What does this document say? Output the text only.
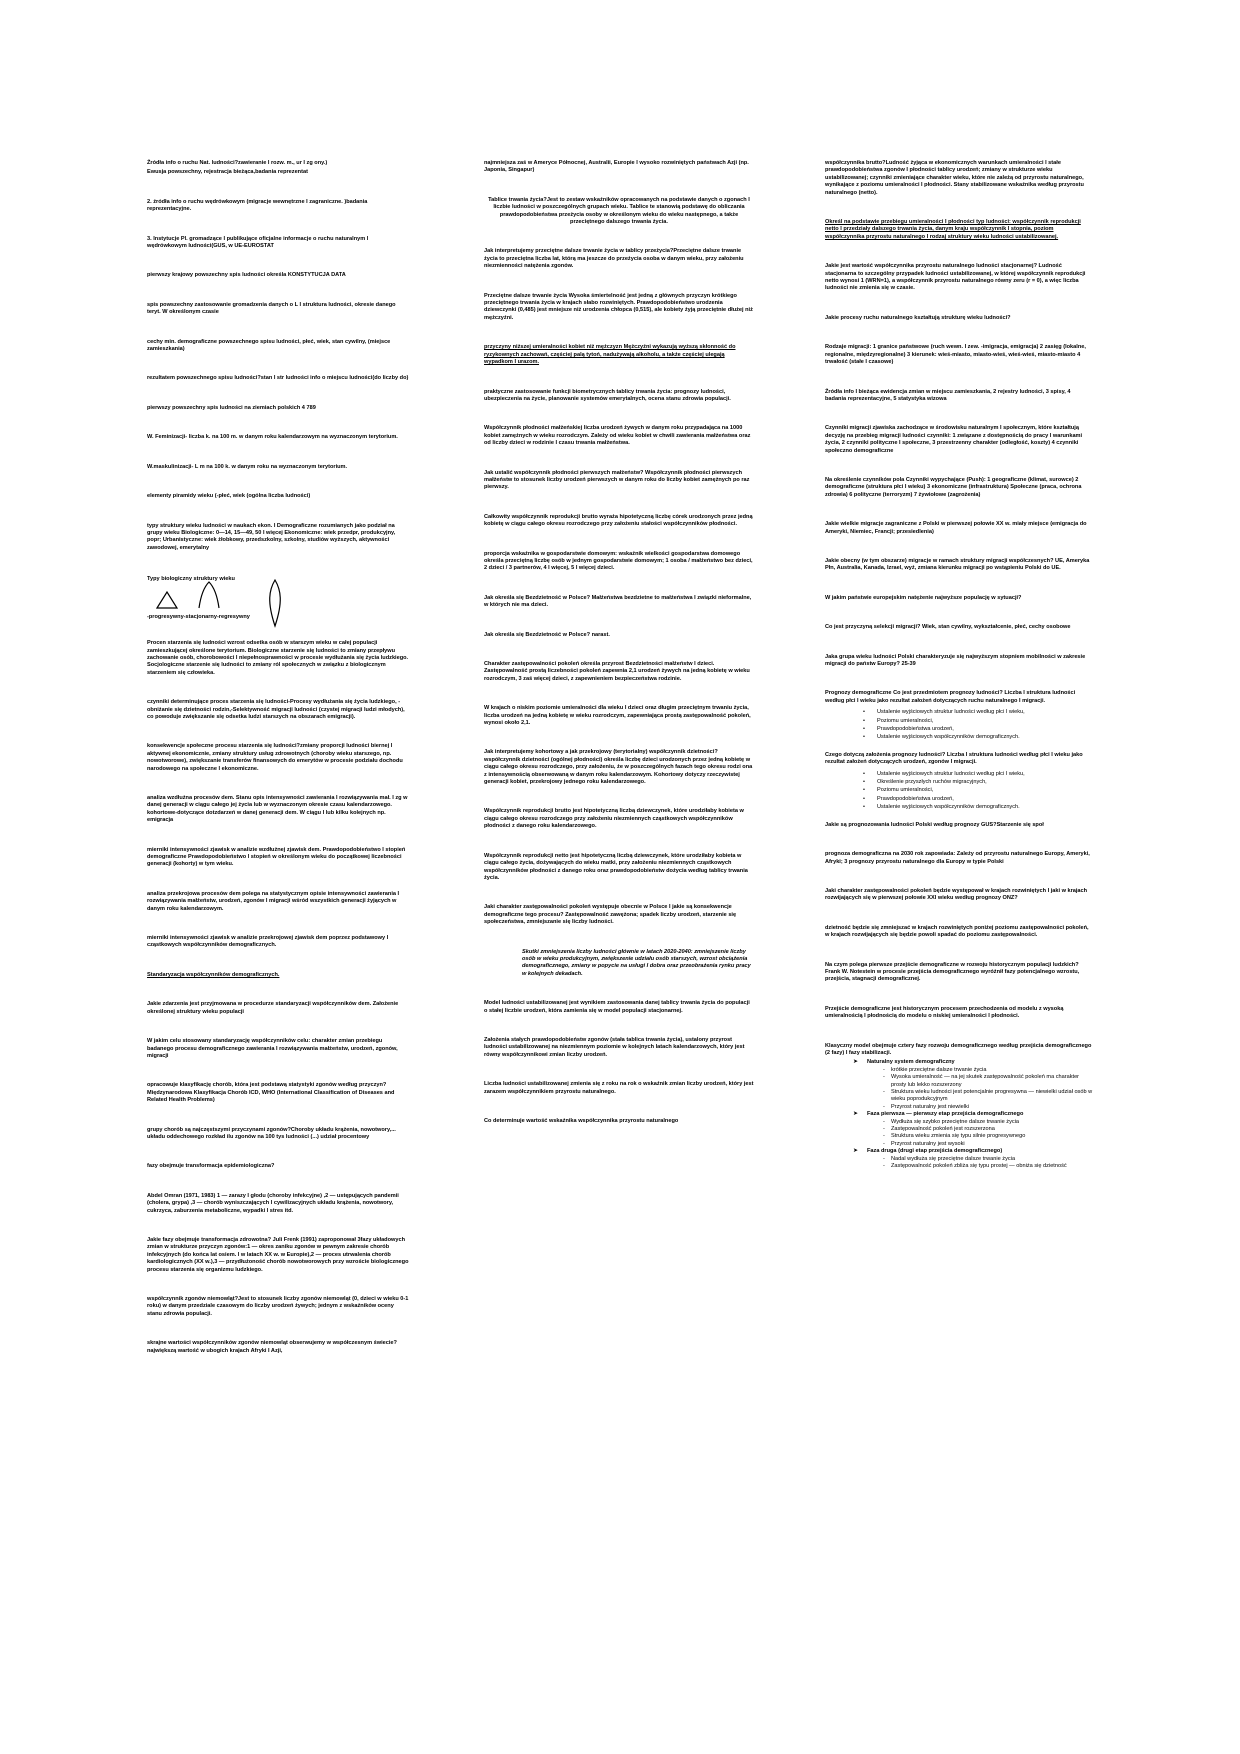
Źródła info o ruchu Nat. ludności?zawieranie I rozw. m., ur I zg ony.)

Ewusja powszechny, rejestracja bieżąca,badania reprezentat

2. źródła info o ruchu wędrówkowym (migracje wewnętrzne I zagraniczne. )badania reprezentacyjne.

3. Instytucje Pl. gromadzące I publikujące oficjalne informacje o ruchu naturalnym I wędrówkowym ludności(GUS, w UE-EUROSTAT

pierwszy krajowy powszechny spis ludności określa KONSTYTUCJA DATA

spis powszechny zastosowanie gromadzenia danych o L I struktura ludności, okresie danego teryt. W określonym czasie

cechy min. demograficzne powszechnego spisu ludności, płeć, wiek, stan cywilny, (miejsce zamieszkania)

rezultatem powszechnego spisu ludności?stan I str ludności info o miejscu ludności(do liczby do)

pierwszy powszechny spis ludności na ziemiach polskich 4 789

W. Feminizacji- liczba k. na 100 m. w danym roku kalendarzowym na wyznaczonym terytorium.

W.maskulinizacji- L m na 100 k. w danym roku na wyznaczonym terytorium.

elementy piramidy wieku (-płeć, wiek (ogólna liczba ludności)

typy struktury wieku ludności w naukach ekon. I Demograficzne rozumianych jako podział na grupy wieku Biologiczne: 0—14, 15—49, 50 I więcej Ekonomiczne: wiek przedpr, produkcyjny, popr; Urbanistyczne: wiek żłobkowy, przedszkolny, szkolny, studiów wyższych, aktywności zawodowej, emerytalny

Typy biologiczny struktury wieku
-progresywny-stacjonarny-regresywny

Procen starzenia się ludności wzrost odsetka osób w starszym wieku w całej populacji zamieszkującej określone terytorium. Biologiczne starzenie się ludności to zmiany przepływu zachowanie osób, chorobowości I niepełnosprawności w procesie wydłużania się życia ludzkiego. Socjologiczne starzenie się ludności to zmiany ról społecznych w związku z biologicznym starzeniem się człowieka.

czynniki determinujące proces starzenia się ludności-Procesy wydłużania się życia ludzkiego, - obniżanie się dzietności rodzin,-Selektywność migracji ludności (czystej migracji ludzi młodych), co powoduje zwiększanie się odsetka ludzi starszych na obszarach emigracji).

konsekwencje społeczne procesu starzenia się ludności?zmiany proporcji ludności biernej I aktywnej ekonomicznie, zmiany struktury usług zdrowotnych (choroby wieku starszego, np. nowotworowe), zwiększanie transferów finansowych do emerytów w procesie podziału dochodu narodowego na społeczne I ekonomiczne.

analiza wzdłużna procesów dem. Stanu opis intensywności zawierania I rozwiązywania mał. I zg w danej generacji w ciągu całego jej życia lub w wyznaczonym okresie czasu kalendarzowego. kohortowe-dotyczące dotzdarzeń w danej generacji dem. W ciągu I lub kilku kolejnych np. emigracja

mierniki intensywności zjawisk w analizie wzdłużnej zjawisk dem. Prawdopodobieństwo I stopień demograficzne Prawdopodobieństwo I stopień w określonym wieku do początkowej liczebności generacji (kohorty) w tym wieku.

analiza przekrojowa procesów dem polega na statystycznym opisie intensywności zawierania I rozwiązywania małżeństw, urodzeń, zgonów I migracji wśród wszystkich generacji żyjących w danym roku kalendarzowym.

mierniki intensywności zjawisk w analizie przekrojowej zjawisk dem poprzez podstawowy I cząstkowych współczynników demograficznych.

Standaryzacja współczynników demograficznych.

Jakie zdarzenia jest przyjmowana w procedurze standaryzacji współczynników dem. Założenie określonej struktury wieku populacji

W jakim celu stosowany standaryzację współczynników celu: charakter zmian przebiegu badanego procesu demograficznego zawierania I rozwiązywania małżeństw, urodzeń, zgonów, migracji

opracowuje klasyfikację chorób, która jest podstawą statystyki zgonów według przyczyn?Międzynarodowa Klasyfikacja Chorób ICD, WHO (International Classification of Diseases and Related Health Problems)

grupy chorób są najczęstszymi przyczynami zgonów?Choroby układu krążenia, nowotwory,... układu oddechowego rozkład ilu zgonów na 100 tys ludności (...) udział procentowy

fazy obejmuje transformacja epidemiologiczna?

Abdel Omran (1971, 1983) 1 — zarazy I głodu (choroby infekcyjne) ,2 — ustępujących pandemii (cholera, grypa) ,3 — chorób wyniszczających I cywilizacyjnych układu krążenia, nowotwory, cukrzyca, zaburzenia metaboliczne, wypadki I stres itd.

Jakie fazy obejmuje transformacja zdrowotna? Juli Frenk (1991) zaproponował 3fazy układowych zmian w strukturze przyczyn zgonów:1 — okres zaniku zgonów w pewnym zakresie chorób infekcyjnych (do końca lat osiem. I w latach XX w. w Europie),2 — proces utrwalenia chorób kardiologicznych (XX w.),3 — przydłużoność chorób nowotworowych przy wzroście biologicznego procesu starzenia się organizmu ludzkiego.

współczynnik zgonów niemowląt?Jest to stosunek liczby zgonów niemowląt (0, dzieci w wieku 0-1 roku) w danym przedziale czasowym do liczby urodzeń żywych; jednym z wskaźników oceny stanu zdrowia populacji.

skrajne wartości współczynników zgonów niemowląt obserwujemy w współczesnym świecie?największą wartość w ubogich krajach Afryki I Azji,

najmniejsza zaś w Ameryce Północnej, Australii, Europie I wysoko rozwiniętych państwach Azji (np. Japonia, Singapur)

Tablice trwania życia?Jest to zestaw wskaźników opracowanych na podstawie danych o zgonach I liczbie ludności w poszczególnych grupach wieku. Tablice te stanowią podstawę do obliczania prawdopodobieństwa przeżycia osoby w określonym wieku do wieku następnego, a także przeciętnego dalszego trwania życia.

Jak interpretujemy przeciętne dalsze trwanie życia w tablicy przeżycia?Przeciętne dalsze trwanie życia to przeciętna liczba lat, którą ma jeszcze do przeżycia osoba w danym wieku, przy założeniu niezmienności natężenia zgonów.

Przeciętne dalsze trwanie życia Wysoka śmiertelność jest jedną z głównych przyczyn krótkiego przeciętnego trwania życia w krajach słabo rozwiniętych. Prawdopodobieństwo urodzenia dziewczynki (0,485) jest mniejsze niż urodzenia chłopca (0,515), ale kobiety żyją przeciętnie dłużej niż mężczyźni.

przyczyny niższej umieralności kobiet niż mężczyzn Mężczyźni wykazują wyższą skłonność do ryzykownych zachowań, częściej palą tytoń, nadużywają alkoholu, a także częściej ulegają wypadkom I urazom.

praktyczne zastosowanie funkcji biometrycznych tablicy trwania życia: prognozy ludności, ubezpieczenia na życie, planowanie systemów emerytalnych, ocena stanu zdrowia populacji.

Współczynnik płodności małżeńskiej liczba urodzeń żywych w danym roku przypadająca na 1000 kobiet zamężnych w wieku rozrodczym. Zależy od wieku kobiet w chwili zawierania małżeństwa oraz od liczby dzieci w rodzinie I czasu trwania małżeństwa.

Jak ustalić współczynnik płodności pierwszych małżeństw? Współczynnik płodności pierwszych małżeństw to stosunek liczby urodzeń pierwszych w danym roku do liczby kobiet zamężnych po raz pierwszy.

Całkowity współczynnik reprodukcji brutto wyraża hipotetyczną liczbę córek urodzonych przez jedną kobietę w ciągu całego okresu rozrodczego przy założeniu stałości współczynników płodności.

proporcja wskaźnika w gospodarstwie domowym: wskaźnik wielkości gospodarstwa domowego określa przeciętną liczbę osób w jednym gospodarstwie domowym; 1 osoba / małżeństwo bez dzieci, 2 dzieci / 3 partnerów, 4 I więcej, 5 I więcej dzieci.

Jak określa się Bezdzietność w Polsce? Małżeństwa bezdzietne to małżeństwa I związki nieformalne, w których nie ma dzieci.

Jak określa się Bezdzietność w Polsce? narast.

Charakter zastępowalności pokoleń określa przyrost Bezdzietności małżeństw I dzieci. Zastępowalność prostą liczebności pokoleń zapewnia 2,1 urodzeń żywych na jedną kobietę w wieku rozrodczym, 3 zaś więcej dzieci, z zapewnieniem bezpieczeństwa rodzinie.

W krajach o niskim poziomie umieralności dla wieku I dzieci oraz długim przeciętnym trwaniu życia, liczba urodzeń na jedną kobietę w wieku rozrodczym, zapewniająca prostą zastępowalność pokoleń, wynosi około 2,1.

Jak interpretujemy kohortowy a jak przekrojowy (terytorialny) współczynnik dzietności? współczynnik dzietności (ogólnej płodności) określa liczbę dzieci urodzonych przez jedną kobietę w ciągu całego okresu rozrodczego, przy założeniu, że w poszczególnych fazach tego okresu rodzi ona z intensywnością obserwowaną w danym roku kalendarzowym. Kohortowy dotyczy rzeczywistej generacji kobiet, przekrojowy jednego roku kalendarzowego.

Współczynnik reprodukcji brutto jest hipotetyczną liczbą dziewczynek, które urodziłaby kobieta w ciągu całego okresu rozrodczego przy założeniu niezmiennych cząstkowych współczynników płodności z danego roku kalendarzowego.

Współczynnik reprodukcji netto jest hipotetyczną liczbą dziewczynek, które urodziłaby kobieta w ciągu całego życia, dożywających do wieku matki, przy założeniu niezmiennych cząstkowych współczynników płodności z danego roku oraz prawdopodobieństw dożycia według tablicy trwania życia.

Jaki charakter zastępowalności pokoleń występuje obecnie w Polsce I jakie są konsekwencje demograficzne tego procesu? Zastępowalność zawężona; spadek liczby urodzeń, starzenie się społeczeństwa, zmniejszanie się liczby ludności.

Skutki zmniejszenia liczby ludności głównie w latach 2020-2040: zmniejszenie liczby osób w wieku produkcyjnym, zwiększenie udziału osób starszych, wzrost obciążenia demograficznego, zmiany w popycie na usługi I dobra oraz przeobrażenia rynku pracy w kolejnych dekadach.

Model ludności ustabilizowanej jest wynikiem zastosowania danej tablicy trwania życia do populacji o stałej liczbie urodzeń, która zamienia się w model populacji stacjonarnej.

Założenia stałych prawdopodobieństw zgonów (stała tablica trwania życia), ustalony przyrost ludności ustabilizowanej na niezmiennym poziomie w kolejnych latach kalendarzowych, który jest równy współczynnikowi zmian liczby urodzeń.

Liczba ludności ustabilizowanej zmienia się z roku na rok o wskaźnik zmian liczby urodzeń, który jest zarazem współczynnikiem przyrostu naturalnego.

Co determinuje wartość wskaźnika współczynnika przyrostu naturalnego

współczynnika brutto?Ludność żyjąca w ekonomicznych warunkach umieralności I stałe prawdopodobieństwa zgonów I płodności tablicy urodzeń; zmiany w strukturze wieku ustabilizowanej; czynniki zmieniające charakter wieku, które nie zależą od przyrostu naturalnego, wynikające z poziomu umieralności I płodności. Stany stabilizowane wskaźnika według przyrostu naturalnego (netto).

Określ na podstawie przebiegu umieralności I płodności typ ludności: współczynnik reprodukcji netto I przedziały dalszego trwania życia, danym kraju współczynnik I stopnia, poziom współczynnika przyrostu naturalnego I rodzaj struktury wieku ludności ustabilizowanej.

Jakie jest wartość współczynnika przyrostu naturalnego ludności stacjonarnej? Ludność stacjonarna to szczególny przypadek ludności ustabilizowanej, w której współczynnik reprodukcji netto wynosi 1 (WRN=1), a współczynnik przyrostu naturalnego równy zeru (r = 0), a więc liczba ludności nie zmienia się w czasie.

Jakie procesy ruchu naturalnego kształtują strukturę wieku ludności?

Rodzaje migracji: 1 granice państwowe (ruch wewn. I zew. -imigracja, emigracja) 2 zasięg (lokalne, regionalne, międzyregionalne) 3 kierunek: wieś-miasto, miasto-wieś, wieś-wieś, miasto-miasto 4 trwałość (stałe I czasowe)

Źródła info I bieżąca ewidencja zmian w miejscu zamieszkania, 2 rejestry ludności, 3 spisy, 4 badania reprezentacyjne, 5 statystyka wizowa

Czynniki migracji zjawiska zachodzące w środowisku naturalnym I społecznym, które kształtują decyzję na przebieg migracji ludności czynniki: 1 związane z dostępnością do pracy I warunkami życia, 2 czynniki polityczne I społeczne, 3 przestrzenny charakter (odległość, koszty) 4 czynniki społeczno demograficzne

Na określenie czynników pola Czynniki wypychające (Push): 1 geograficzne (klimat, surowce) 2 demograficzne (struktura płci I wieku) 3 ekonomiczne (infrastruktura) Społeczne (praca, ochrona zdrowia) 6 polityczne (terroryzm) 7 żywiołowe (zagrożenia)

Jakie wielkie migracje zagraniczne z Polski w pierwszej połowie XX w. miały miejsce (emigracja do Ameryki, Niemiec, Francji; przesiedlenia)

Jakie obecny (w tym obszarze) migracje w ramach struktury migracji współczesnych? UE, Ameryka Płn, Australia, Kanada, Izrael, wyż, zmiana kierunku migracji po wstąpieniu Polski do UE.

W jakim państwie europejskim natężenie najwyższe populację w sytuacji?

Co jest przyczyną selekcji migracji? Wiek, stan cywilny, wykształcenie, płeć, cechy osobowe

Jaka grupa wieku ludności Polski charakteryzuje się najwyższym stopniem mobilności w zakresie migracji do państw Europy? 25-39

Prognozy demograficzne Co jest przedmiotem prognozy ludności? Liczba I struktura ludności według płci I wieku jako rezultat założeń dotyczących ruchu naturalnego I migracji.

• Ustalenie wyjściowych struktur ludności według płci I wieku,
• Poziomu umieralności,
• Prawdopodobieństwa urodzeń,
• Ustalenie wyjściowych współczynników demograficznych.

Czego dotyczą założenia prognozy ludności? Liczba I struktura ludności według płci I wieku jako rezultat założeń dotyczących urodzeń, zgonów I migracji.

• Ustalenie wyjściowych struktur ludności według płci I wieku,
• Określenie przyszłych ruchów migracyjnych,
• Poziomu umieralności,
• Prawdopodobieństwa urodzeń,
• Ustalenie wyjściowych współczynników demograficznych.

Jakie są prognozowania ludności Polski według prognozy GUS?Starzenie się społ

prognoza demograficzna na 2030 rok zapowiada: Zależy od przyrostu naturalnego Europy, Ameryki, Afryki; 3 prognozy przyrostu naturalnego dla Europy w typie Polski

Jaki charakter zastępowalności pokoleń będzie występował w krajach rozwiniętych I jaki w krajach rozwijających się w pierwszej połowie XXI wieku według prognozy ONZ?

dzietność będzie się zmniejszać w krajach rozwiniętych poniżej poziomu zastępowalności pokoleń, w krajach rozwijających się będzie powoli spadać do poziomu zastępowalności.

Na czym polega pierwsze przejście demograficzne w rozwoju historycznym populacji ludzkich? Frank W. Notestein w procesie przejścia demograficznego wyróżnił fazy potencjalnego wzrostu, przejścia, stagnacji demograficznej.

Przejście demograficzne jest historycznym procesem przechodzenia od modelu z wysoką umieralnością I płodnością do modelu o niskiej umieralności I płodności.

Klasyczny model obejmuje cztery fazy rozwoju demograficznego według przejścia demograficznego (2 fazy) I fazy stabilizacji.

➤ Naturalny system demograficzny
- krótkie przeciętne dalsze trwanie życia
- Wysoka umieralność — na jej skutek zastępowalność pokoleń ma charakter prosty lub lekko rozszerzony
- Struktura wieku ludności jest potencjalnie progresywna — niewielki udział osób w wieku poprodukcyjnym
- Przyrost naturalny jest niewielki
➤ Faza pierwsza — pierwszy etap przejścia demograficznego
- Wydłuża się szybko przeciętne dalsze trwanie życia
- Zastępowalność pokoleń jest rozszerzona
- Struktura wieku zmienia się typu silnie progresywnego
- Przyrost naturalny jest wysoki
➤ Faza druga (drugi etap przejścia demograficznego)
- Nadal wydłuża się przeciętne dalsze trwanie życia
- Zastępowalność pokoleń zbliża się typu prostej — obniża się dzietność
